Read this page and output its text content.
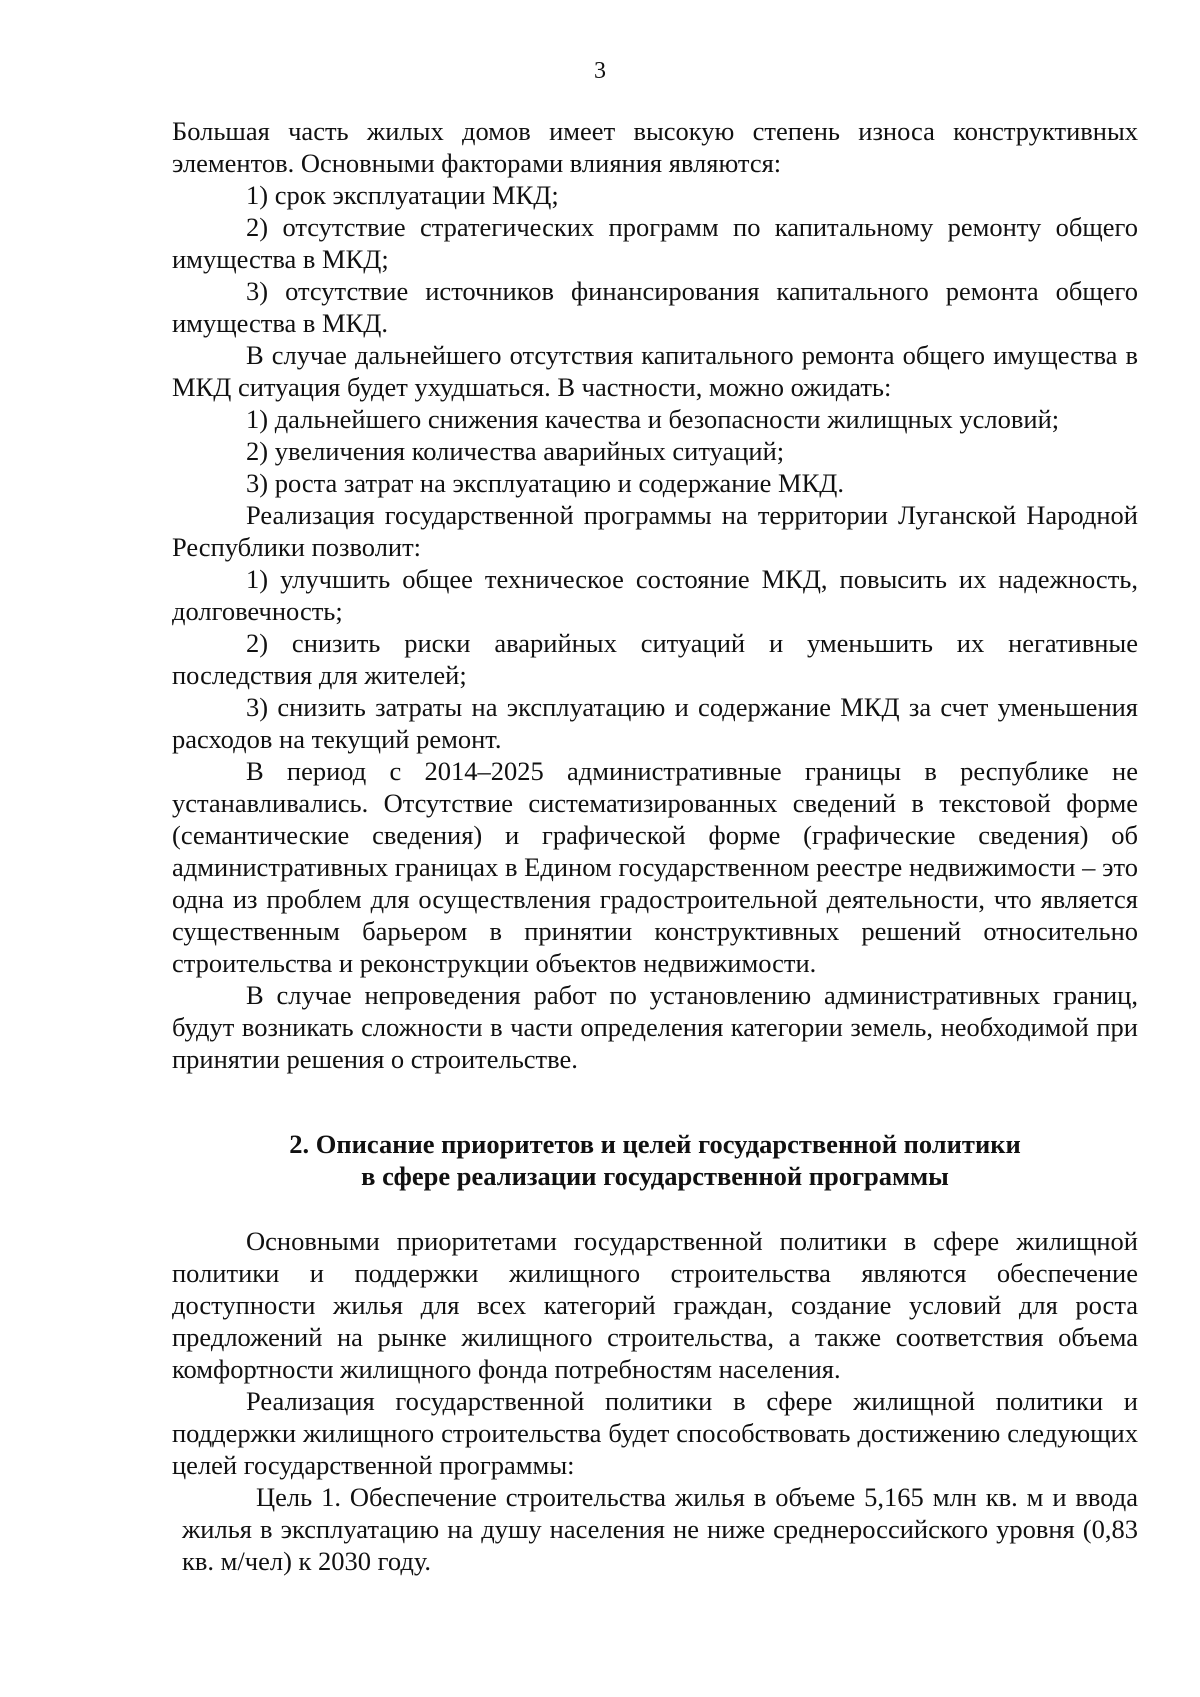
3

Большая часть жилых домов имеет высокую степень износа конструктивных элементов. Основными факторами влияния являются:

1) срок эксплуатации МКД;

2) отсутствие стратегических программ по капитальному ремонту общего имущества в МКД;

3) отсутствие источников финансирования капитального ремонта общего имущества в МКД.

В случае дальнейшего отсутствия капитального ремонта общего имущества в МКД ситуация будет ухудшаться. В частности, можно ожидать:

1) дальнейшего снижения качества и безопасности жилищных условий;

2) увеличения количества аварийных ситуаций;

3) роста затрат на эксплуатацию и содержание МКД.

Реализация государственной программы на территории Луганской Народной Республики позволит:

1) улучшить общее техническое состояние МКД, повысить их надежность, долговечность;

2) снизить риски аварийных ситуаций и уменьшить их негативные последствия для жителей;

3) снизить затраты на эксплуатацию и содержание МКД за счет уменьшения расходов на текущий ремонт.

В период с 2014–2025 административные границы в республике не устанавливались. Отсутствие систематизированных сведений в текстовой форме (семантические сведения) и графической форме (графические сведения) об административных границах в Едином государственном реестре недвижимости – это одна из проблем для осуществления градостроительной деятельности, что является существенным барьером в принятии конструктивных решений относительно строительства и реконструкции объектов недвижимости.

В случае непроведения работ по установлению административных границ, будут возникать сложности в части определения категории земель, необходимой при принятии решения о строительстве.

2. Описание приоритетов и целей государственной политики
в сфере реализации государственной программы

Основными приоритетами государственной политики в сфере жилищной политики и поддержки жилищного строительства являются обеспечение доступности жилья для всех категорий граждан, создание условий для роста предложений на рынке жилищного строительства, а также соответствия объема комфортности жилищного фонда потребностям населения.

Реализация государственной политики в сфере жилищной политики и поддержки жилищного строительства будет способствовать достижению следующих целей государственной программы:

Цель 1. Обеспечение строительства жилья в объеме 5,165 млн кв. м и ввода жилья в эксплуатацию на душу населения не ниже среднероссийского уровня (0,83 кв. м/чел) к 2030 году.
